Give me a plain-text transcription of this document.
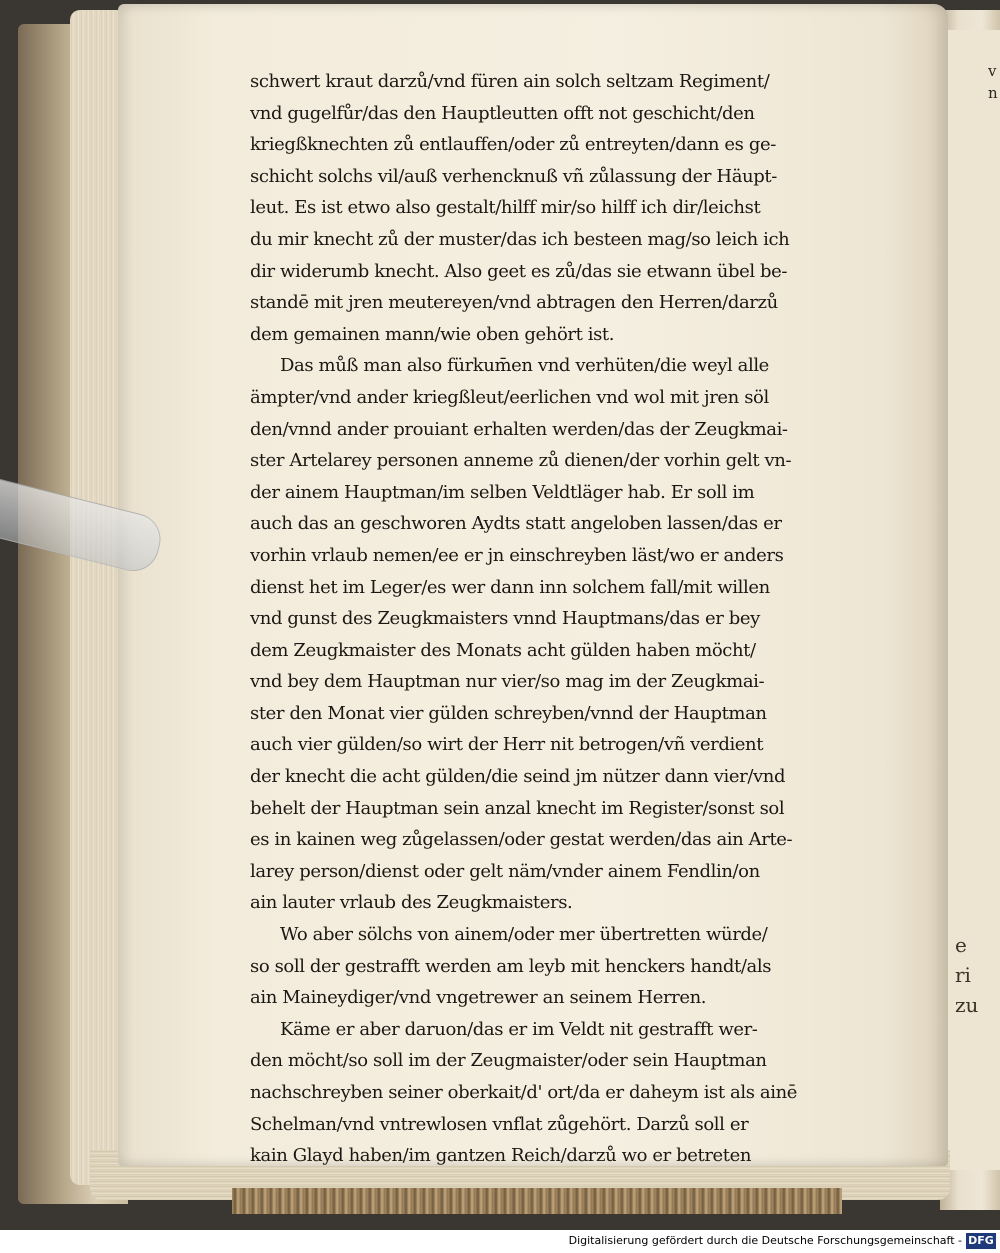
v
n
e
ri
zu
schwert kraut darzů/vnd füren ain solch seltzam Regiment/
vnd gugelfůr/das den Hauptleutten offt not geschicht/den
kriegßknechten zů entlauffen/oder zů entreyten/dann es ge-
schicht solchs vil/auß verhencknuß vñ zůlassung der Häupt-
leut. Es ist etwo also gestalt/hilff mir/so hilff ich dir/leichst
du mir knecht zů der muster/das ich besteen mag/so leich ich
dir widerumb knecht. Also geet es zů/das sie etwann übel be-
standē mit jren meutereyen/vnd abtragen den Herren/darzů
dem gemainen mann/wie oben gehört ist.
Das můß man also fürkum̄en vnd verhüten/die weyl alle
ämpter/vnd ander kriegßleut/eerlichen vnd wol mit jren söl
den/vnnd ander prouiant erhalten werden/das der Zeugkmai-
ster Artelarey personen anneme zů dienen/der vorhin gelt vn-
der ainem Hauptman/im selben Veldtläger hab. Er soll im
auch das an geschworen Aydts statt angeloben lassen/das er
vorhin vrlaub nemen/ee er jn einschreyben läst/wo er anders
dienst het im Leger/es wer dann inn solchem fall/mit willen
vnd gunst des Zeugkmaisters vnnd Hauptmans/das er bey
dem Zeugkmaister des Monats acht gülden haben möcht/
vnd bey dem Hauptman nur vier/so mag im der Zeugkmai-
ster den Monat vier gülden schreyben/vnnd der Hauptman
auch vier gülden/so wirt der Herr nit betrogen/vñ verdient
der knecht die acht gülden/die seind jm nützer dann vier/vnd
behelt der Hauptman sein anzal knecht im Register/sonst sol
es in kainen weg zůgelassen/oder gestat werden/das ain Arte-
larey person/dienst oder gelt näm/vnder ainem Fendlin/on
ain lauter vrlaub des Zeugkmaisters.
Wo aber sölchs von ainem/oder mer übertretten würde/
so soll der gestrafft werden am leyb mit henckers handt/als
ain Maineydiger/vnd vngetrewer an seinem Herren.
Käme er aber daruon/das er im Veldt nit gestrafft wer-
den möcht/so soll im der Zeugmaister/oder sein Hauptman
nachschreyben seiner oberkait/d' ort/da er daheym ist als ainē
Schelman/vnd vntrewlosen vnflat zůgehört. Darzů soll er
kain Glayd haben/im gantzen Reich/darzů wo er betreten
Digitalisierung gefördert durch die Deutsche Forschungsgemeinschaft - DFG
